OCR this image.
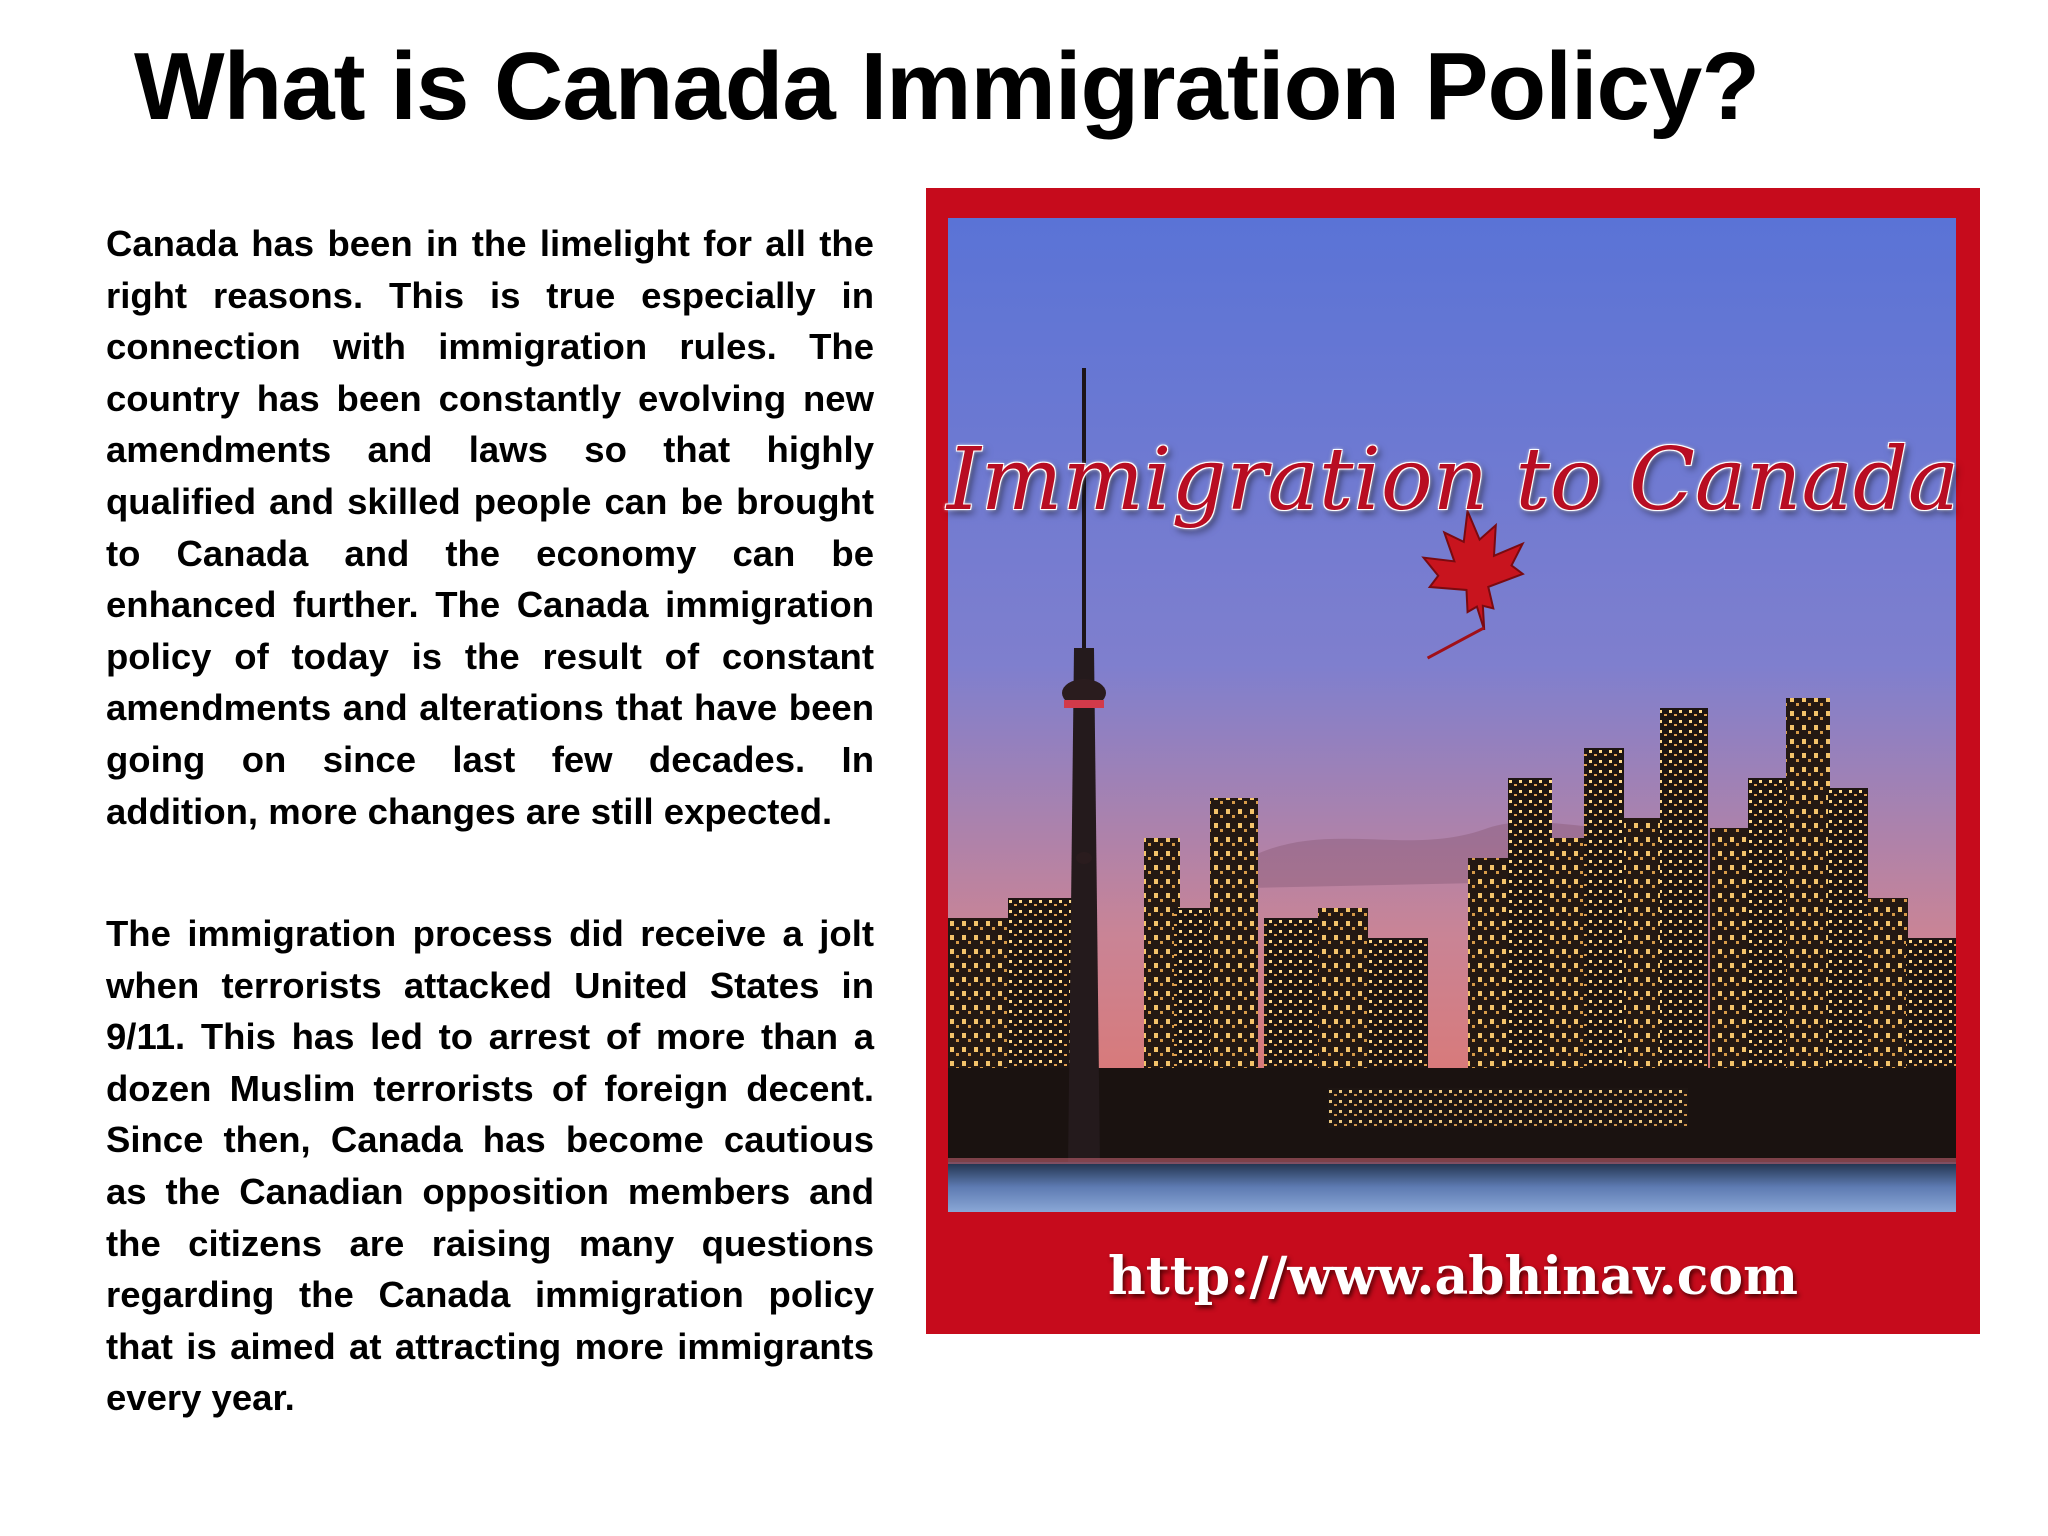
What is Canada Immigration Policy?

Canada has been in the limelight for all the right reasons. This is true especially in connection with immigration rules. The country has been constantly evolving new amendments and laws so that highly qualified and skilled people can be brought to Canada and the economy can be enhanced further. The Canada immigration policy of today is the result of constant amendments and alterations that have been going on since last few decades. In addition, more changes are still expected.

The immigration process did receive a jolt when terrorists attacked United States in 9/11. This has led to arrest of more than a dozen Muslim terrorists of foreign decent. Since then, Canada has become cautious as the Canadian opposition members and the citizens are raising many questions regarding the Canada immigration policy that is aimed at attracting more immigrants every year.

Immigration to Canada
http://www.abhinav.com
